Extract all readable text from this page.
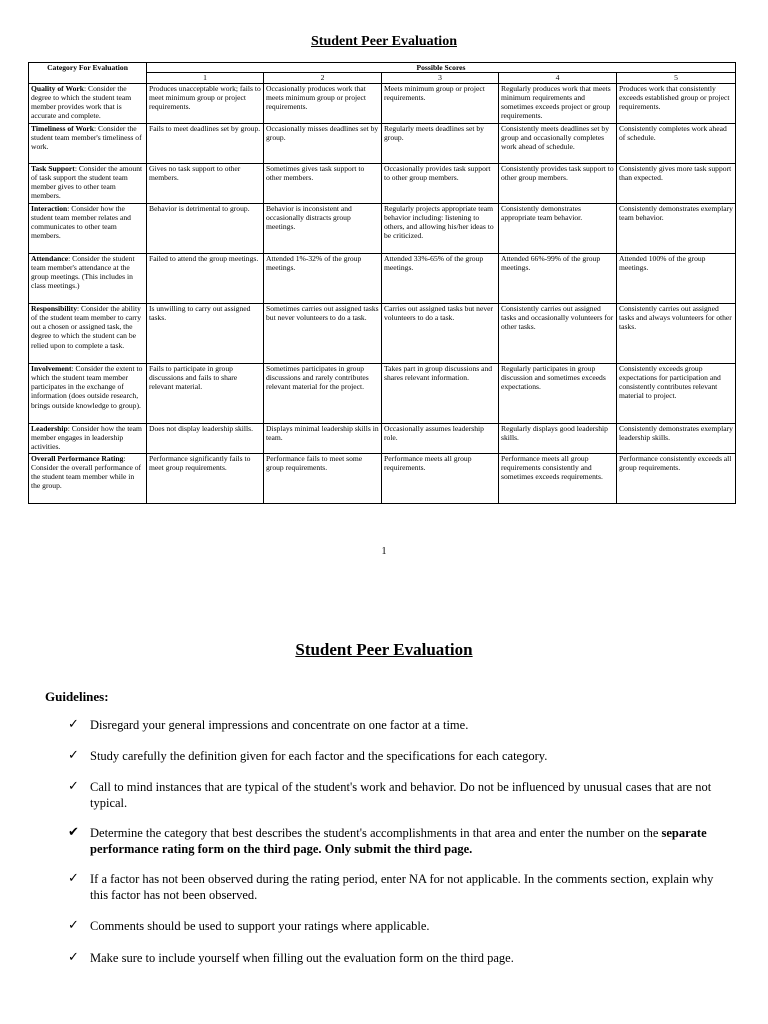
Student Peer Evaluation
Category For Evaluation	Possible Scores				
	1	2	3	4	5
Quality of Work: Consider the degree to which the student team member provides work that is accurate and complete.	Produces unacceptable work; fails to meet minimum group or project requirements.	Occasionally produces work that meets minimum group or project requirements.	Meets minimum group or project requirements.	Regularly produces work that meets minimum requirements and sometimes exceeds project or group requirements.	Produces work that consistently exceeds established group or project requirements.
Timeliness of Work: Consider the student team member's timeliness of work.	Fails to meet deadlines set by group.	Occasionally misses deadlines set by group.	Regularly meets deadlines set by group.	Consistently meets deadlines set by group and occasionally completes work ahead of schedule.	Consistently completes work ahead of schedule.
Task Support: Consider the amount of task support the student team member gives to other team members.	Gives no task support to other members.	Sometimes gives task support to other members.	Occasionally provides task support to other group members.	Consistently provides task support to other group members.	Consistently gives more task support than expected.
Interaction: Consider how the student team member relates and communicates to other team members.	Behavior is detrimental to group.	Behavior is inconsistent and occasionally distracts group meetings.	Regularly projects appropriate team behavior including: listening to others, and allowing his/her ideas to be criticized.	Consistently demonstrates appropriate team behavior.	Consistently demonstrates exemplary team behavior.
Attendance: Consider the student team member's attendance at the group meetings. (This includes in class meetings.)	Failed to attend the group meetings.	Attended 1%-32% of the group meetings.	Attended 33%-65% of the group meetings.	Attended 66%-99% of the group meetings.	Attended 100% of the group meetings.
Responsibility: Consider the ability of the student team member to carry out a chosen or assigned task, the degree to which the student can be relied upon to complete a task.	Is unwilling to carry out assigned tasks.	Sometimes carries out assigned tasks but never volunteers to do a task.	Carries out assigned tasks but never volunteers to do a task.	Consistently carries out assigned tasks and occasionally volunteers for other tasks.	Consistently carries out assigned tasks and always volunteers for other tasks.
Involvement: Consider the extent to which the student team member participates in the exchange of information (does outside research, brings outside knowledge to group).	Fails to participate in group discussions and fails to share relevant material.	Sometimes participates in group discussions and rarely contributes relevant material for the project.	Takes part in group discussions and shares relevant information.	Regularly participates in group discussion and sometimes exceeds expectations.	Consistently exceeds group expectations for participation and consistently contributes relevant material to project.
Leadership: Consider how the team member engages in leadership activities.	Does not display leadership skills.	Displays minimal leadership skills in team.	Occasionally assumes leadership role.	Regularly displays good leadership skills.	Consistently demonstrates exemplary leadership skills.
Overall Performance Rating: Consider the overall performance of the student team member while in the group.	Performance significantly fails to meet group requirements.	Performance fails to meet some group requirements.	Performance meets all group requirements.	Performance meets all group requirements consistently and sometimes exceeds requirements.	Performance consistently exceeds all group requirements.
1
Student Peer Evaluation
Guidelines:
✓ Disregard your general impressions and concentrate on one factor at a time.
✓ Study carefully the definition given for each factor and the specifications for each category.
✓ Call to mind instances that are typical of the student's work and behavior. Do not be influenced by unusual cases that are not typical.
✔ Determine the category that best describes the student's accomplishments in that area and enter the number on the separate performance rating form on the third page. Only submit the third page.
✓ If a factor has not been observed during the rating period, enter NA for not applicable. In the comments section, explain why this factor has not been observed.
✓ Comments should be used to support your ratings where applicable.
✓ Make sure to include yourself when filling out the evaluation form on the third page.
